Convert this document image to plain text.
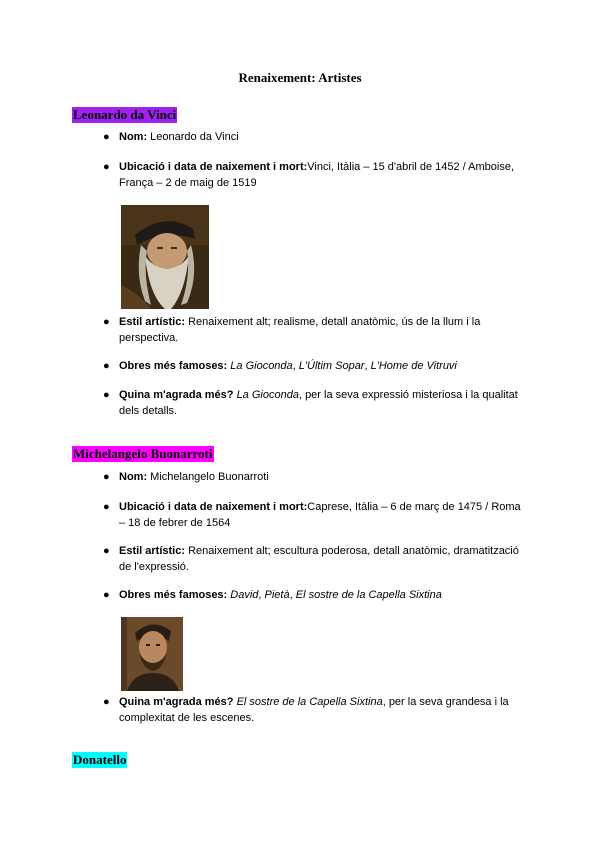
Renaixement: Artistes
Leonardo da Vinci
● Nom: Leonardo da Vinci
● Ubicació i data de naixement i mort:Vinci, Itàlia – 15 d'abril de 1452 / Amboise, França – 2 de maig de 1519
● Estil artístic: Renaixement alt; realisme, detall anatòmic, ús de la llum i la perspectiva.
● Obres més famoses: La Gioconda, L'Últim Sopar, L'Home de Vitruvi
● Quina m'agrada més? La Gioconda, per la seva expressió misteriosa i la qualitat dels detalls.
Michelangelo Buonarroti
● Nom: Michelangelo Buonarroti
● Ubicació i data de naixement i mort:Caprese, Itàlia – 6 de març de 1475 / Roma – 18 de febrer de 1564
● Estil artístic: Renaixement alt; escultura poderosa, detall anatòmic, dramatització de l'expressió.
● Obres més famoses: David, Pietà, El sostre de la Capella Sixtina
● Quina m'agrada més? El sostre de la Capella Sixtina, per la seva grandesa i la complexitat de les escenes.
Donatello
